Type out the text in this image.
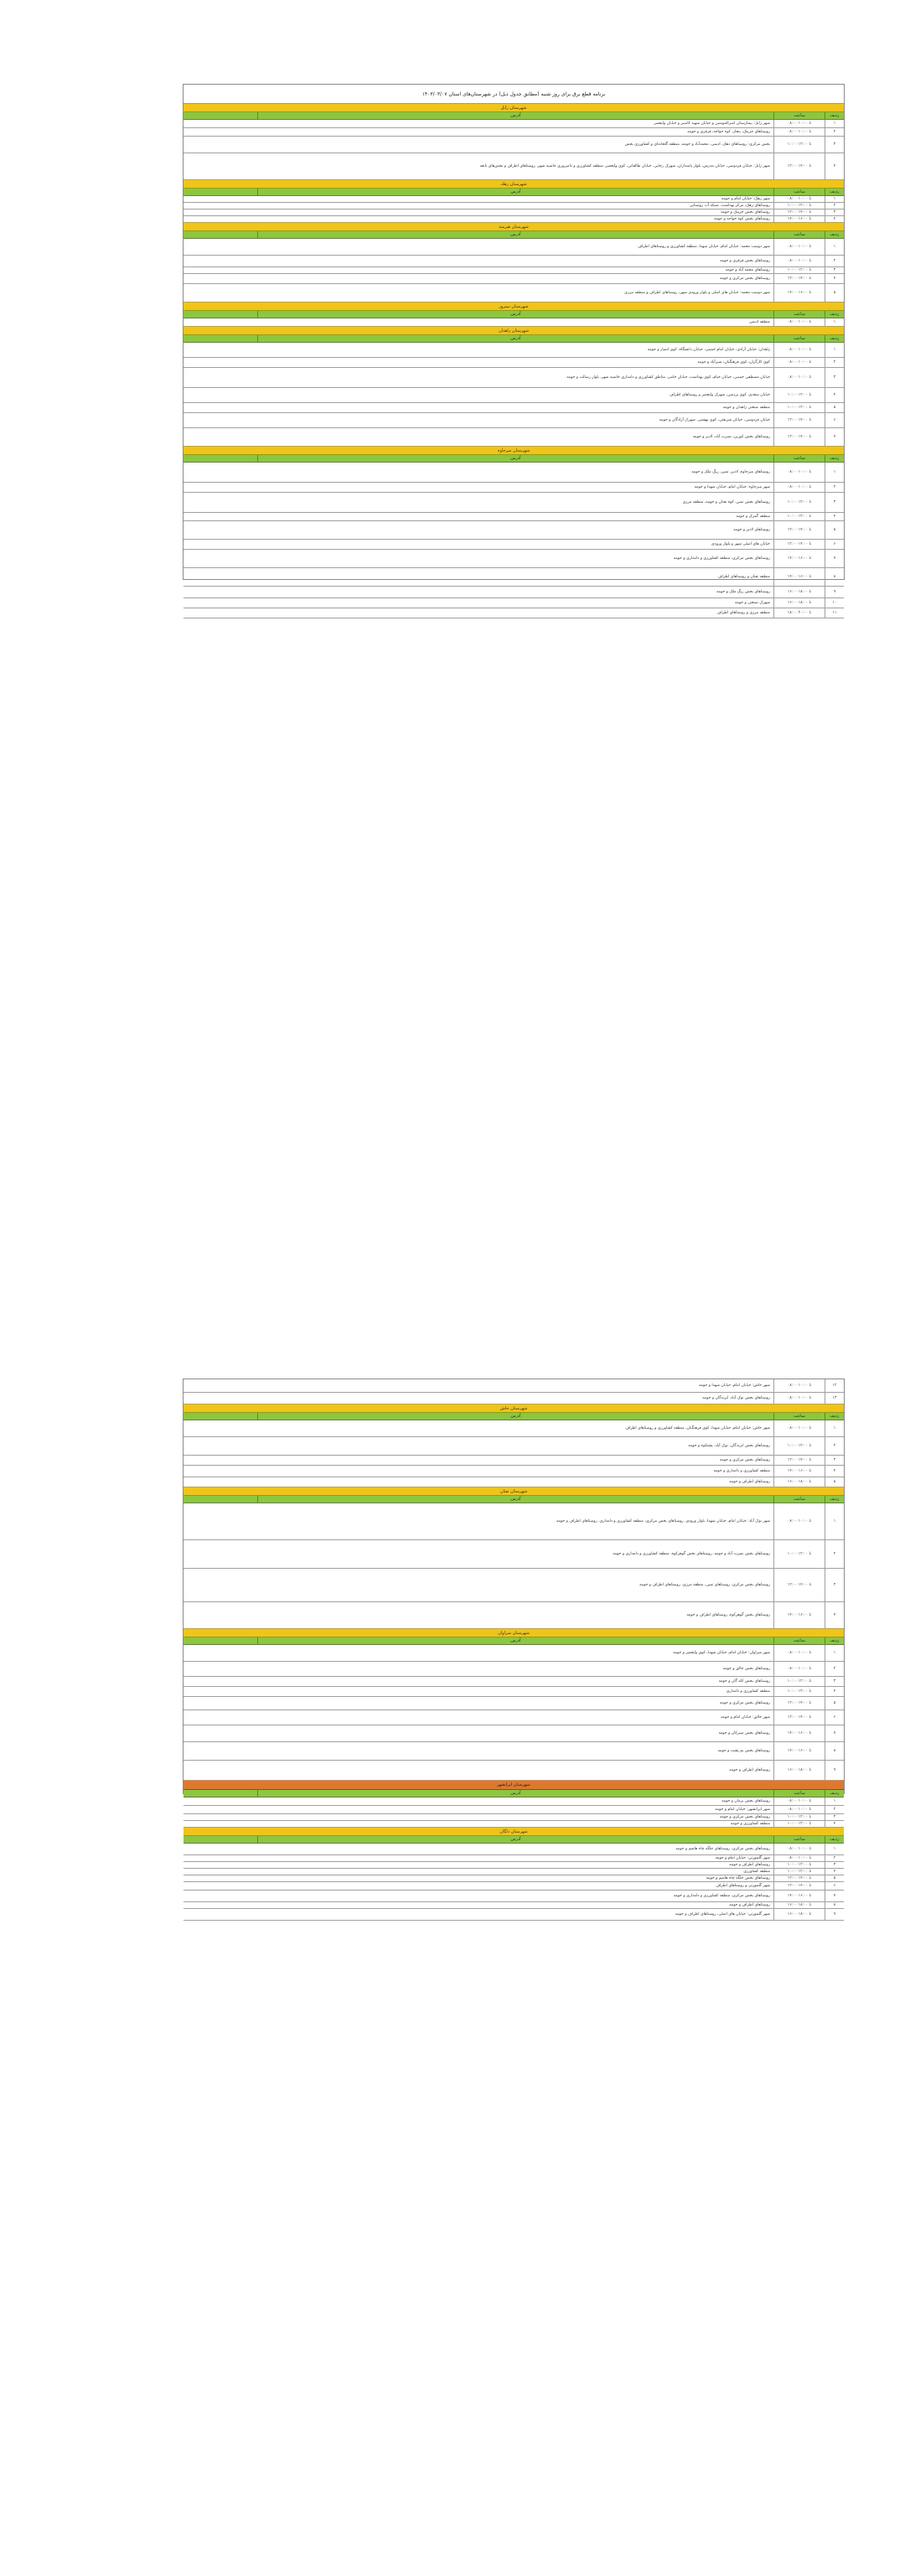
برنامه قطع برق برای روز شنبه (مطابق جدول ذیل) در شهرستان‌های استان ۱۴۰۳/۰۳/۰۷
شهرستان زابل
آدرس	ساعت	ردیف
شهر زابل: بیمارستان امیرالمومنین و خیابان شهید کامبیز و خیابان ولیعصر	۰۸:۰۰ تا ۱۰:۰۰	۱
روستاهای جزینک، بنجار، کوه خواجه، قرقری و حومه	۰۸:۰۰ تا ۱۰:۰۰	۲
بخش مرکزی: روستاهای دهک، ادیمی، محمدآباد و حومه، منطقه گلخانه‌ای و کشاورزی بخش	۱۰:۰۰ تا ۱۲:۰۰	۳
شهر زابل: خیابان فردوسی، خیابان مدرس، بلوار پاسداران، شهرک رجایی، خیابان طالقانی، کوی ولیعصر، منطقه کشاورزی و دامپروری حاشیه شهر، روستاهای اطراف و بخش‌های تابعه	۱۲:۰۰ تا ۱۴:۰۰	۴
شهرستان زهک
آدرس	ساعت	ردیف
شهر زهک: خیابان امام و حومه	۰۸:۰۰ تا ۱۰:۰۰	۱
روستاهای زهک، مرکز بهداشت، شبکه آب روستایی	۱۰:۰۰ تا ۱۲:۰۰	۲
روستاهای بخش جزینک و حومه	۱۲:۰۰ تا ۱۴:۰۰	۳
روستاهای بخش کوه خواجه و حومه	۱۴:۰۰ تا ۱۶:۰۰	۴
شهرستان هیرمند
آدرس	ساعت	ردیف
شهر دوست محمد: خیابان امام، خیابان شهدا، منطقه کشاورزی و روستاهای اطراف	۰۸:۰۰ تا ۱۰:۰۰	۱
روستاهای بخش قرقری و حومه	۰۸:۰۰ تا ۱۰:۰۰	۲
روستاهای محمد آباد و حومه	۱۰:۰۰ تا ۱۲:۰۰	۳
روستاهای بخش مرکزی و حومه	۱۲:۰۰ تا ۱۴:۰۰	۴
شهر دوست محمد: خیابان های اصلی و بلوار ورودی شهر، روستاهای اطراف و منطقه مرزی	۱۴:۰۰ تا ۱۶:۰۰	۵
شهرستان نیمروز
آدرس	ساعت	ردیف
منطقه ادیمی	۰۸:۰۰ تا ۱۰:۰۰	۱
شهرستان زاهدان
آدرس	ساعت	ردیف
زاهدان: خیابان آزادی، خیابان امام خمینی، خیابان دانشگاه، کوی انصار و حومه	۰۸:۰۰ تا ۱۰:۰۰	۱
کوی کارگران، کوی فرهنگیان، شیرآباد و حومه	۰۸:۰۰ تا ۱۰:۰۰	۲
خیابان مصطفی خمینی، خیابان خیام، کوی بهداشت، خیابان جامی، مناطق کشاورزی و دامداری حاشیه شهر، بلوار رسالت و حومه	۰۸:۰۰ تا ۱۰:۰۰	۳
خیابان سعدی، کوی پردیس، شهرک ولیعصر و روستاهای اطراف	۱۰:۰۰ تا ۱۲:۰۰	۴
منطقه صنعتی زاهدان و حومه	۱۰:۰۰ تا ۱۲:۰۰	۵
خیابان فردوسی، خیابان شریعتی، کوی بهشتی، شهرک آزادگان و حومه	۱۲:۰۰ تا ۱۴:۰۰	۶
روستاهای بخش کورین، نصرت آباد، لادیز و حومه	۱۲:۰۰ تا ۱۴:۰۰	۷
شهرستان میرجاوه
آدرس	ساعت	ردیف
روستاهای میرجاوه، لادیز، تمین، ریگ ملک و حومه	۰۸:۰۰ تا ۱۰:۰۰	۱
شهر میرجاوه: خیابان امام، خیابان شهدا و حومه	۰۸:۰۰ تا ۱۰:۰۰	۲
روستاهای بخش تمین، کوه تفتان و حومه، منطقه مرزی	۱۰:۰۰ تا ۱۲:۰۰	۳
منطقه گمرک و حومه	۱۰:۰۰ تا ۱۲:۰۰	۴
روستاهای لادیز و حومه	۱۲:۰۰ تا ۱۴:۰۰	۵
خیابان های اصلی شهر و بلوار ورودی	۱۲:۰۰ تا ۱۴:۰۰	۶
روستاهای بخش مرکزی، منطقه کشاورزی و دامداری و حومه	۱۴:۰۰ تا ۱۶:۰۰	۷
منطقه تفتان و روستاهای اطراف	۱۴:۰۰ تا ۱۶:۰۰	۸
روستاهای بخش ریگ ملک و حومه	۱۶:۰۰ تا ۱۸:۰۰	۹
شهرک صنعتی و حومه	۱۶:۰۰ تا ۱۸:۰۰	۱۰
منطقه مرزی و روستاهای اطراف	۱۸:۰۰ تا ۲۰:۰۰	۱۱
شهر خاش: خیابان امام، خیابان شهدا و حومه	۰۸:۰۰ تا ۱۰:۰۰	۱۲
روستاهای بخش نوک آباد، ایرندگان و حومه	۰۸:۰۰ تا ۱۰:۰۰	۱۳
شهرستان خاش
آدرس	ساعت	ردیف
شهر خاش: خیابان امام، خیابان شهدا، کوی فرهنگیان، منطقه کشاورزی و روستاهای اطراف	۰۸:۰۰ تا ۱۰:۰۰	۱
روستاهای بخش ایرندگان، نوک آباد، پشتکوه و حومه	۱۰:۰۰ تا ۱۲:۰۰	۲
روستاهای بخش مرکزی و حومه	۱۲:۰۰ تا ۱۴:۰۰	۳
منطقه کشاورزی و دامداری و حومه	۱۴:۰۰ تا ۱۶:۰۰	۴
روستاهای اطراف و حومه	۱۶:۰۰ تا ۱۸:۰۰	۵
شهرستان تفتان
آدرس	ساعت	ردیف
شهر نوک آباد: خیابان امام، خیابان شهدا، بلوار ورودی، روستاهای بخش مرکزی، منطقه کشاورزی و دامداری، روستاهای اطراف و حومه	۰۸:۰۰ تا ۱۰:۰۰	۱
روستاهای بخش نصرت آباد و حومه، روستاهای بخش گوهرکوه، منطقه کشاورزی و دامداری و حومه	۱۰:۰۰ تا ۱۲:۰۰	۲
روستاهای بخش مرکزی، روستاهای تمین، منطقه مرزی، روستاهای اطراف و حومه	۱۲:۰۰ تا ۱۴:۰۰	۳
روستاهای بخش گوهرکوه، روستاهای اطراف و حومه	۱۴:۰۰ تا ۱۶:۰۰	۴
شهرستان سراوان
آدرس	ساعت	ردیف
شهر سراوان: خیابان امام، خیابان شهدا، کوی ولیعصر و حومه	۰۸:۰۰ تا ۱۰:۰۰	۱
روستاهای بخش جالق و حومه	۰۸:۰۰ تا ۱۰:۰۰	۲
روستاهای بخش کله گان و حومه	۱۰:۰۰ تا ۱۲:۰۰	۳
منطقه کشاورزی و دامداری	۱۰:۰۰ تا ۱۲:۰۰	۴
روستاهای بخش مرکزی و حومه	۱۲:۰۰ تا ۱۴:۰۰	۵
شهر جالق: خیابان امام و حومه	۱۲:۰۰ تا ۱۴:۰۰	۶
روستاهای بخش سیرکان و حومه	۱۴:۰۰ تا ۱۶:۰۰	۷
روستاهای بخش بم پشت و حومه	۱۴:۰۰ تا ۱۶:۰۰	۸
روستاهای اطراف و حومه	۱۶:۰۰ تا ۱۸:۰۰	۹
شهرستان ایرانشهر
آدرس	ساعت	ردیف
روستاهای بخش بزمان و حومه	۰۸:۰۰ تا ۱۰:۰۰	۱
شهر ایرانشهر: خیابان امام و حومه	۰۸:۰۰ تا ۱۰:۰۰	۲
روستاهای بخش مرکزی و حومه	۱۰:۰۰ تا ۱۲:۰۰	۳
منطقه کشاورزی و حومه	۱۰:۰۰ تا ۱۲:۰۰	۴
شهرستان دلگان
آدرس	ساعت	ردیف
روستاهای بخش مرکزی، روستاهای جلگه چاه هاشم و حومه	۰۸:۰۰ تا ۱۰:۰۰	۱
شهر گلمورتی: خیابان امام و حومه	۰۸:۰۰ تا ۱۰:۰۰	۲
روستاهای اطراف و حومه	۱۰:۰۰ تا ۱۲:۰۰	۳
منطقه کشاورزی	۱۰:۰۰ تا ۱۲:۰۰	۴
روستاهای بخش جلگه چاه هاشم و حومه	۱۲:۰۰ تا ۱۴:۰۰	۵
شهر گلمورتی و روستاهای اطراف	۱۲:۰۰ تا ۱۴:۰۰	۶
روستاهای بخش مرکزی، منطقه کشاورزی و دامداری و حومه	۱۴:۰۰ تا ۱۶:۰۰	۷
روستاهای اطراف و حومه	۱۶:۰۰ تا ۱۸:۰۰	۸
شهر گلمورتی: خیابان های اصلی، روستاهای اطراف و حومه	۱۶:۰۰ تا ۱۸:۰۰	۹
